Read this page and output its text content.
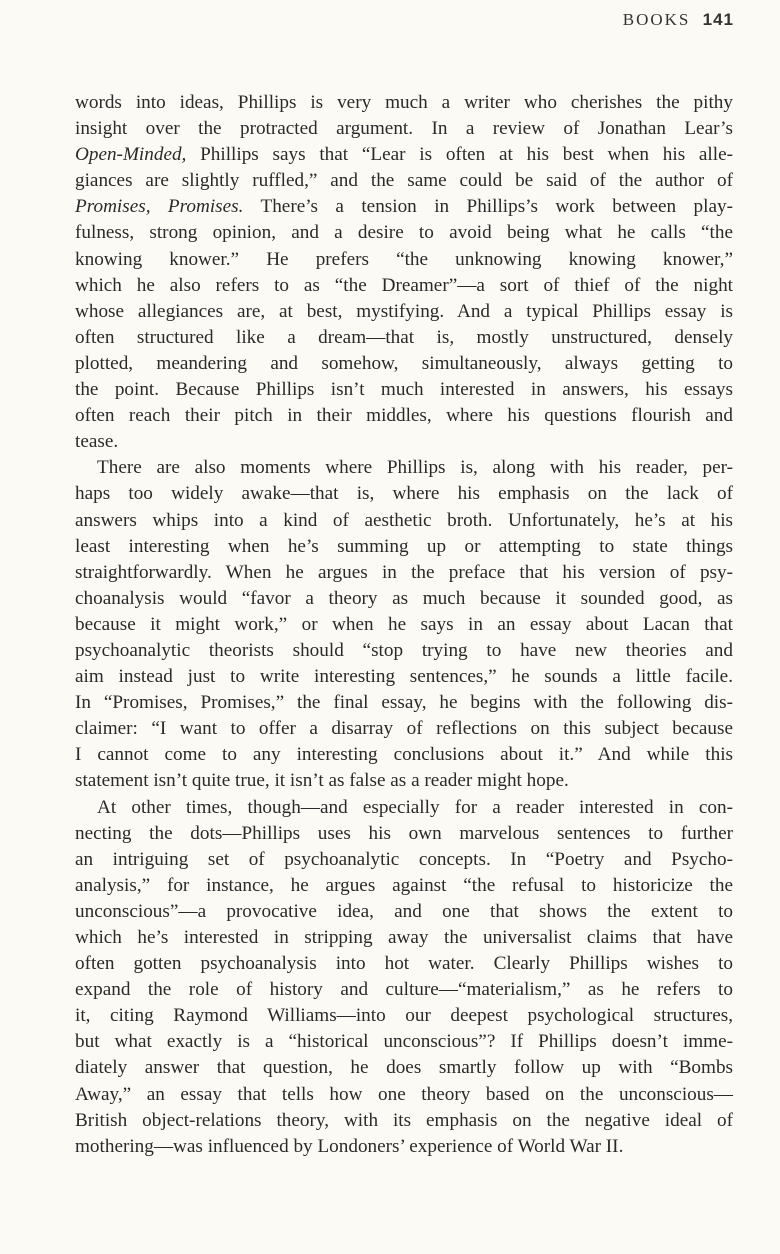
BOOKS 141
words into ideas, Phillips is very much a writer who cherishes the pithy
insight over the protracted argument. In a review of Jonathan Lear’s
Open-Minded, Phillips says that “Lear is often at his best when his alle-
giances are slightly ruffled,” and the same could be said of the author of
Promises, Promises. There’s a tension in Phillips’s work between play-
fulness, strong opinion, and a desire to avoid being what he calls “the
knowing knower.” He prefers “the unknowing knowing knower,”
which he also refers to as “the Dreamer”—a sort of thief of the night
whose allegiances are, at best, mystifying. And a typical Phillips essay is
often structured like a dream—that is, mostly unstructured, densely
plotted, meandering and somehow, simultaneously, always getting to
the point. Because Phillips isn’t much interested in answers, his essays
often reach their pitch in their middles, where his questions flourish and
tease.
There are also moments where Phillips is, along with his reader, per-
haps too widely awake—that is, where his emphasis on the lack of
answers whips into a kind of aesthetic broth. Unfortunately, he’s at his
least interesting when he’s summing up or attempting to state things
straightforwardly. When he argues in the preface that his version of psy-
choanalysis would “favor a theory as much because it sounded good, as
because it might work,” or when he says in an essay about Lacan that
psychoanalytic theorists should “stop trying to have new theories and
aim instead just to write interesting sentences,” he sounds a little facile.
In “Promises, Promises,” the final essay, he begins with the following dis-
claimer: “I want to offer a disarray of reflections on this subject because
I cannot come to any interesting conclusions about it.” And while this
statement isn’t quite true, it isn’t as false as a reader might hope.
At other times, though—and especially for a reader interested in con-
necting the dots—Phillips uses his own marvelous sentences to further
an intriguing set of psychoanalytic concepts. In “Poetry and Psycho-
analysis,” for instance, he argues against “the refusal to historicize the
unconscious”—a provocative idea, and one that shows the extent to
which he’s interested in stripping away the universalist claims that have
often gotten psychoanalysis into hot water. Clearly Phillips wishes to
expand the role of history and culture—“materialism,” as he refers to
it, citing Raymond Williams—into our deepest psychological structures,
but what exactly is a “historical unconscious”? If Phillips doesn’t imme-
diately answer that question, he does smartly follow up with “Bombs
Away,” an essay that tells how one theory based on the unconscious—
British object-relations theory, with its emphasis on the negative ideal of
mothering—was influenced by Londoners’ experience of World War II.
